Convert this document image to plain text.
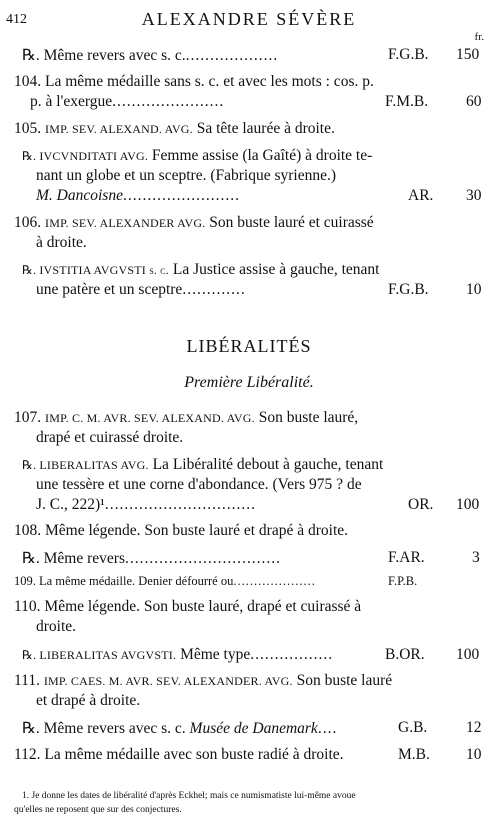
412	ALEXANDRE SÉVÈRE
fr.
℞. Même revers avec s. c....................	F.G.B. 150
104. La même médaille sans s. c. et avec les mots : cos. p.
p. à l'exergue.......................	F.M.B. 60
105. IMP. SEV. ALEXAND. AVG. Sa tête laurée à droite.
℞. IVCVNDITATI AVG. Femme assise (la Gaîté) à droite te-
nant un globe et un sceptre. (Fabrique syrienne.)
M. Dancoisne........................	AR. 30
106. IMP. SEV. ALEXANDER AVG. Son buste lauré et cuirassé
à droite.
℞. IVSTITIA AVGVSTI s. c. La Justice assise à gauche, tenant
une patère et un sceptre.............	F.G.B. 10
LIBÉRALITÉS
Première Libéralité.
107. IMP. C. M. AVR. SEV. ALEXAND. AVG. Son buste lauré,
drapé et cuirassé droite.
℞. LIBERALITAS AVG. La Libéralité debout à gauche, tenant
une tessère et une corne d'abondance. (Vers 975 ? de
J. C., 222)¹...............................	OR. 100
108. Même légende. Son buste lauré et drapé à droite.
℞. Même revers................................	F.AR.	3
109. La même médaille. Denier défourré ou....................	F.P.B.
110. Même légende. Son buste lauré, drapé et cuirassé à
droite.
℞. LIBERALITAS AVGVSTI. Même type.................	B.OR. 100
111. IMP. CAES. M. AVR. SEV. ALEXANDER. AVG. Son buste lauré
et drapé à droite.
℞. Même revers avec s. c. Musée de Danemark....	G.B. 12
112. La même médaille avec son buste radié à droite.	M.B. 10
1. Je donne les dates de libéralité d'après Eckhel; mais ce numismatiste lui-même avoue
qu'elles ne reposent que sur des conjectures.
